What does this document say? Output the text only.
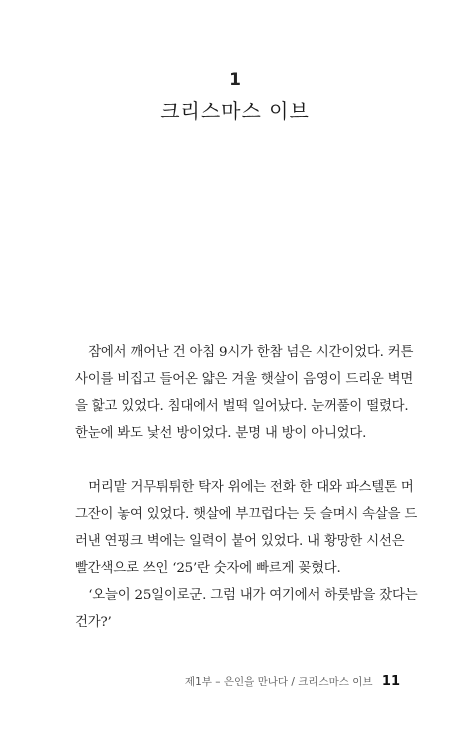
1
크리스마스 이브
　잠에서 깨어난 건 아침 9시가 한참 넘은 시간이었다. 커튼
사이를 비집고 들어온 얇은 겨울 햇살이 음영이 드리운 벽면
을 핥고 있었다. 침대에서 벌떡 일어났다. 눈꺼풀이 떨렸다.
한눈에 봐도 낯선 방이었다. 분명 내 방이 아니었다.
　머리맡 거무튀튀한 탁자 위에는 전화 한 대와 파스텔톤 머
그잔이 놓여 있었다. 햇살에 부끄럽다는 듯 슬며시 속살을 드
러낸 연핑크 벽에는 일력이 붙어 있었다. 내 황망한 시선은
빨간색으로 쓰인 ‘25’란 숫자에 빠르게 꽂혔다.
　‘오늘이 25일이로군. 그럼 내가 여기에서 하룻밤을 잤다는
건가?’
제1부 – 은인을 만나다 / 크리스마스 이브 11
